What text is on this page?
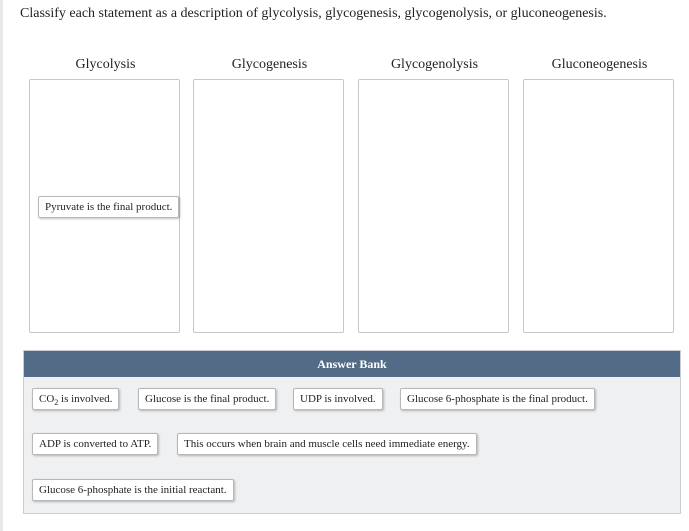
Classify each statement as a description of glycolysis, glycogenesis, glycogenolysis, or gluconeogenesis.
Glycolysis	Glycogenesis	Glycogenolysis	Gluconeogenesis
Pyruvate is the final product.
Answer Bank
$CO_2$ is involved.	Glucose is the final product.	UDP is involved.	Glucose 6-phosphate is the final product.
ADP is converted to ATP.	This occurs when brain and muscle cells need immediate energy.
Glucose 6-phosphate is the initial reactant.
